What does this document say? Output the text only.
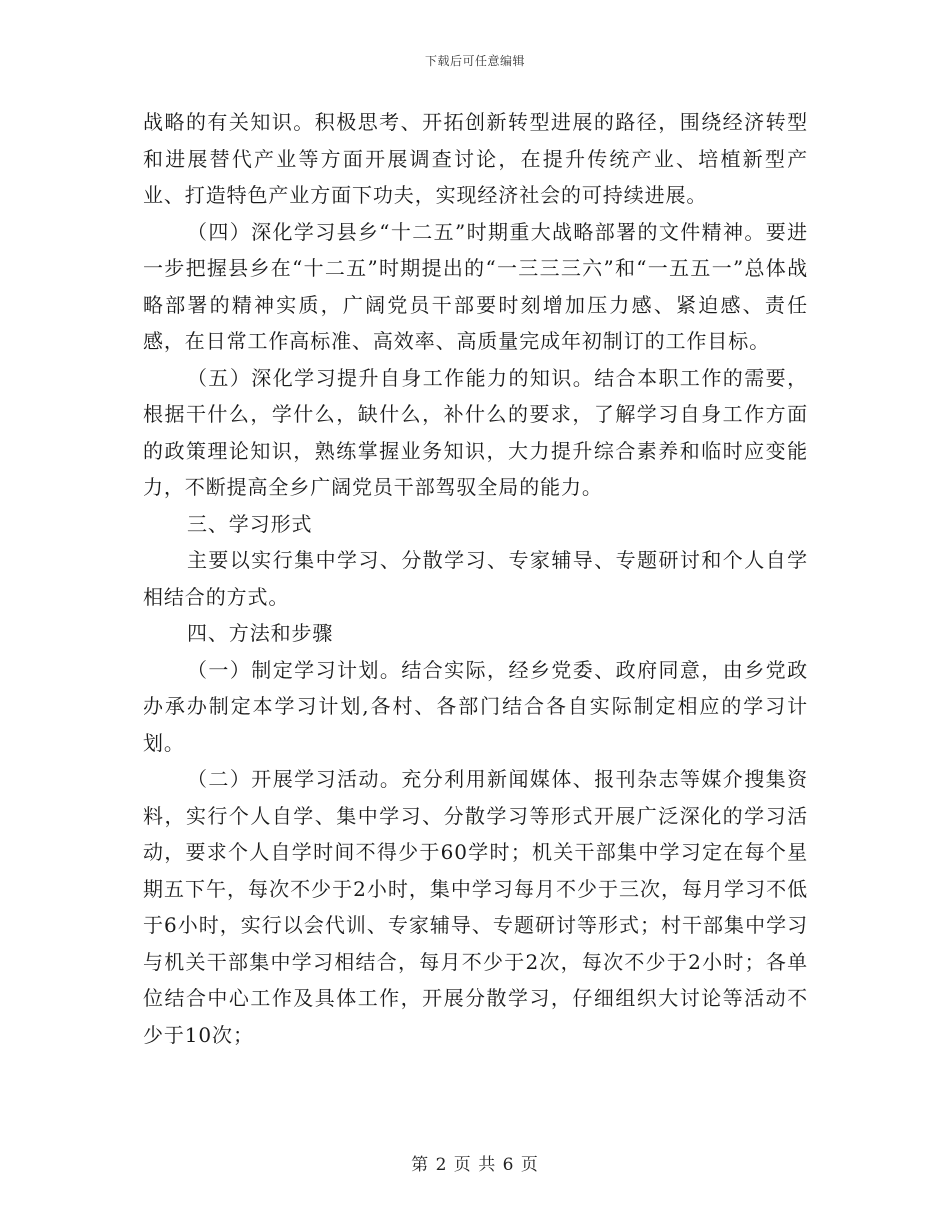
下载后可任意编辑

战略的有关知识。积极思考、开拓创新转型进展的路径，围绕经济转型和进展替代产业等方面开展调查讨论，在提升传统产业、培植新型产业、打造特色产业方面下功夫，实现经济社会的可持续进展。

（四）深化学习县乡“十二五”时期重大战略部署的文件精神。要进一步把握县乡在“十二五”时期提出的“一三三三六”和“一五五一”总体战略部署的精神实质，广阔党员干部要时刻增加压力感、紧迫感、责任感，在日常工作高标准、高效率、高质量完成年初制订的工作目标。

（五）深化学习提升自身工作能力的知识。结合本职工作的需要，根据干什么，学什么，缺什么，补什么的要求，了解学习自身工作方面的政策理论知识，熟练掌握业务知识，大力提升综合素养和临时应变能力，不断提高全乡广阔党员干部驾驭全局的能力。

三、学习形式

主要以实行集中学习、分散学习、专家辅导、专题研讨和个人自学相结合的方式。

四、方法和步骤

（一）制定学习计划。结合实际，经乡党委、政府同意，由乡党政办承办制定本学习计划,各村、各部门结合各自实际制定相应的学习计划。

（二）开展学习活动。充分利用新闻媒体、报刊杂志等媒介搜集资料，实行个人自学、集中学习、分散学习等形式开展广泛深化的学习活动，要求个人自学时间不得少于60学时；机关干部集中学习定在每个星期五下午，每次不少于2小时，集中学习每月不少于三次，每月学习不低于6小时，实行以会代训、专家辅导、专题研讨等形式；村干部集中学习与机关干部集中学习相结合，每月不少于2次，每次不少于2小时；各单位结合中心工作及具体工作，开展分散学习，仔细组织大讨论等活动不少于10次；

第 2 页 共 6 页
